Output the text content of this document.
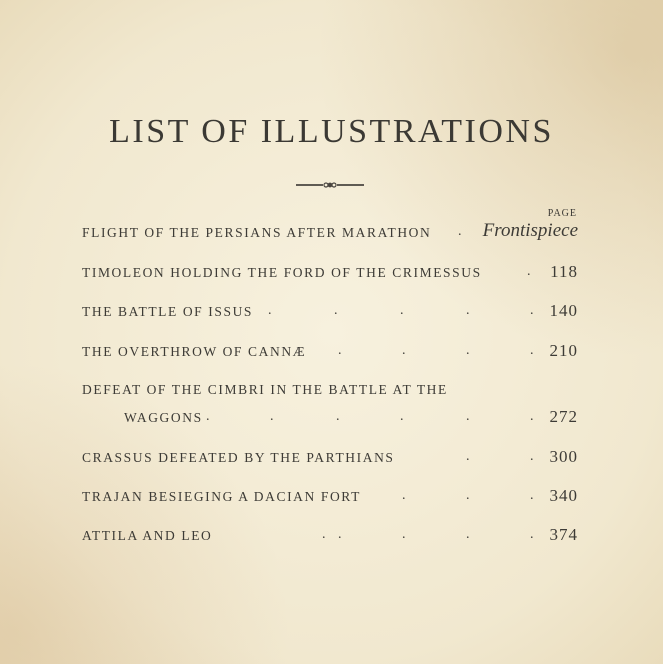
LIST OF ILLUSTRATIONS
PAGE
FLIGHT OF THE PERSIANS AFTER MARATHON . Frontispiece
TIMOLEON HOLDING THE FORD OF THE CRIMESSUS	. 118
THE BATTLE OF ISSUS .	.	.	.	. 140
THE OVERTHROW OF CANNÆ .	.	.	. 210
DEFEAT OF THE CIMBRI IN THE BATTLE AT THE
WAGGONS .	.	.	.	.	. 272
CRASSUS DEFEATED BY THE PARTHIANS	.	. 300
TRAJAN BESIEGING A DACIAN FORT	.	.	. 340
ATTILA AND LEO	. .	.	.	. 374
